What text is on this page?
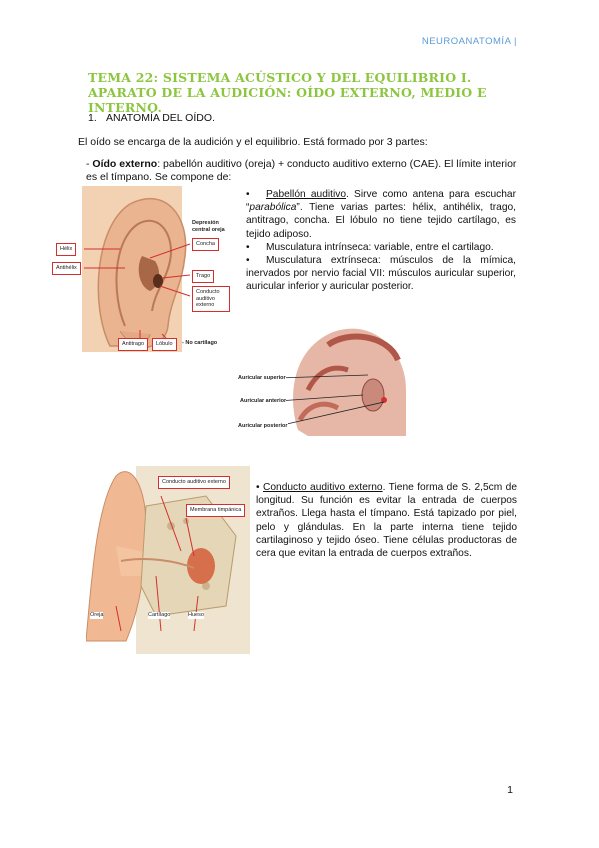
NEUROANATOMÍA |
TEMA 22: SISTEMA ACÚSTICO Y DEL EQUILIBRIO I. APARATO DE LA AUDICIÓN: OÍDO EXTERNO, MEDIO E INTERNO.
1. ANATOMÍA DEL OÍDO.
El oído se encarga de la audición y el equilibrio. Está formado por 3 partes:
- Oído externo: pabellón auditivo (oreja) + conducto auditivo externo (CAE). El límite interior es el tímpano. Se compone de:
Depresión central oreja
Concha
Hélix
Antihélix
Trago
Conducto auditivo externo
Antitrago	Lóbulo	- No cartílago

• Pabellón auditivo. Sirve como antena para escuchar “parabólica”. Tiene varias partes: hélix, antihélix, trago, antitrago, concha. El lóbulo no tiene tejido cartílago, es tejido adiposo.

• Musculatura intrínseca: variable, entre el cartilago.

• Musculatura extrínseca: músculos de la mímica, inervados por nervio facial VII: músculos auricular superior, auricular inferior y auricular posterior.

Auricular superior
Auricular anterior
Auricular posterior
Conducto auditivo externo
Membrana timpánica
Oreja	Cartílago	Hueso
• Conducto auditivo externo. Tiene forma de S. 2,5cm de longitud. Su función es evitar la entrada de cuerpos extraños. Llega hasta el tímpano. Está tapizado por piel, pelo y glándulas. En la parte interna tiene tejido cartilaginoso y tejido óseo. Tiene células productoras de cera que evitan la entrada de cuerpos extraños.
1
